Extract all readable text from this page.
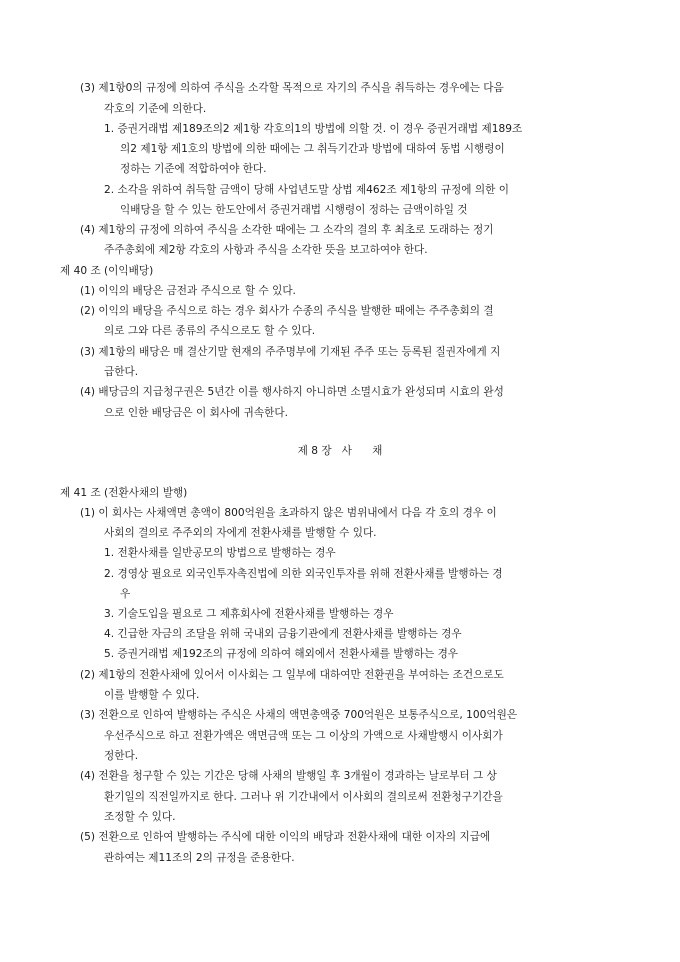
(3) 제1항0의 규정에 의하여 주식을 소각할 목적으로 자기의 주식을 취득하는 경우에는 다음
각호의 기준에 의한다.
1. 증권거래법 제189조의2 제1항 각호의1의 방법에 의할 것. 이 경우 증권거래법 제189조
의2 제1항 제1호의 방법에 의한 때에는 그 취득기간과 방법에 대하여 동법 시행령이
정하는 기준에 적합하여야 한다.
2. 소각을 위하여 취득할 금액이 당해 사업년도말 상법 제462조 제1항의 규정에 의한 이
익배당을 할 수 있는 한도안에서 증권거래법 시행령이 정하는 금액이하일 것
(4) 제1항의 규정에 의하여 주식을 소각한 때에는 그 소각의 결의 후 최초로 도래하는 정기
주주총회에 제2항 각호의 사항과 주식을 소각한 뜻을 보고하여야 한다.
제 40 조 (이익배당)
(1) 이익의 배당은 금전과 주식으로 할 수 있다.
(2) 이익의 배당을 주식으로 하는 경우 회사가 수종의 주식을 발행한 때에는 주주총회의 결
의로 그와 다른 종류의 주식으로도 할 수 있다.
(3) 제1항의 배당은 매 결산기말 현재의 주주명부에 기재된 주주 또는 등록된 질권자에게 지
급한다.
(4) 배당금의 지급청구권은 5년간 이를 행사하지 아니하면 소멸시효가 완성되며 시효의 완성
으로 인한 배당금은 이 회사에 귀속한다.
제 8 장   사      채
제 41 조 (전환사채의 발행)
(1) 이 회사는 사채액면 총액이 800억원을 초과하지 않은 범위내에서 다음 각 호의 경우 이
사회의 결의로 주주외의 자에게 전환사채를 발행할 수 있다.
1. 전환사채를 일반공모의 방법으로 발행하는 경우
2. 경영상 필요로 외국인투자촉진법에 의한 외국인투자를 위해 전환사채를 발행하는 경
우
3. 기술도입을 필요로 그 제휴회사에 전환사채를 발행하는 경우
4. 긴급한 자금의 조달을 위해 국내외 금융기관에게 전환사채를 발행하는 경우
5. 증권거래법 제192조의 규정에 의하여 해외에서 전환사채를 발행하는 경우
(2) 제1항의 전환사채에 있어서 이사회는 그 일부에 대하여만 전환권을 부여하는 조건으로도
이를 발행할 수 있다.
(3) 전환으로 인하여 발행하는 주식은 사채의 액면총액중 700억원은 보통주식으로, 100억원은
우선주식으로 하고 전환가액은 액면금액 또는 그 이상의 가액으로 사채발행시 이사회가
정한다.
(4) 전환을 청구할 수 있는 기간은 당해 사채의 발행일 후 3개월이 경과하는 날로부터 그 상
환기일의 직전일까지로 한다. 그러나 위 기간내에서 이사회의 결의로써 전환청구기간을
조정할 수 있다.
(5) 전환으로 인하여 발행하는 주식에 대한 이익의 배당과 전환사채에 대한 이자의 지급에
관하여는 제11조의 2의 규정을 준용한다.
